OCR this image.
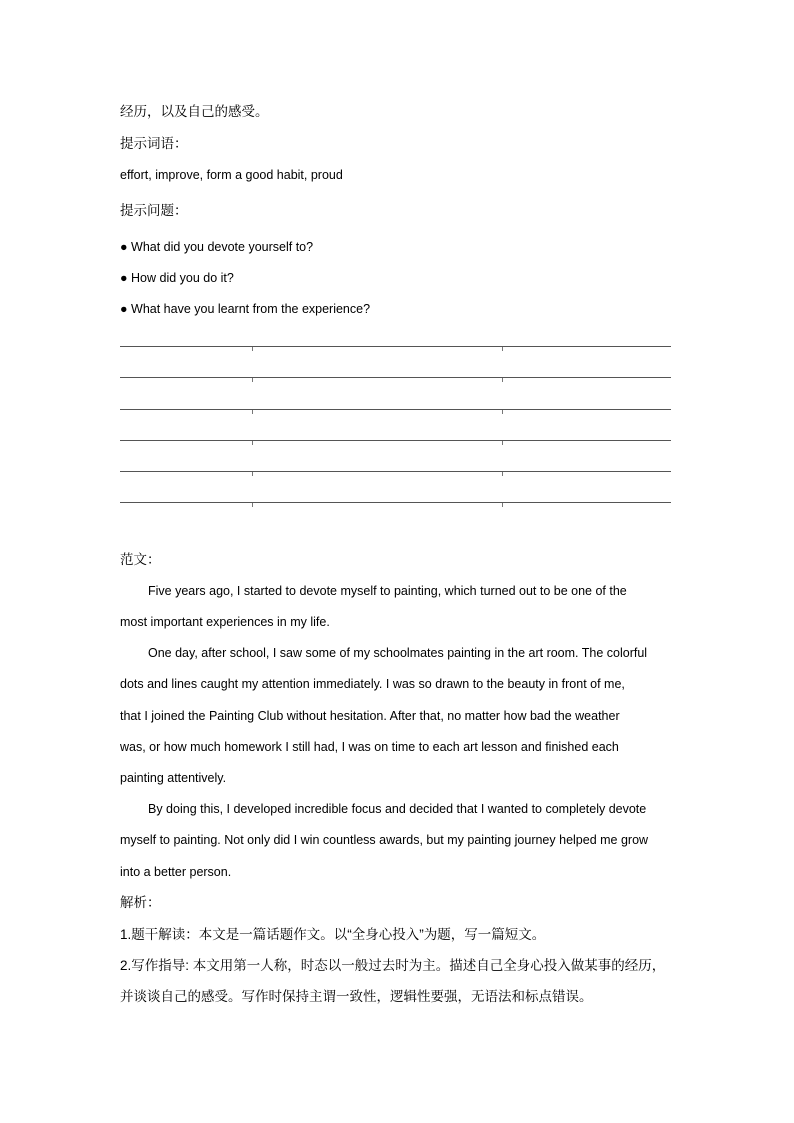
经历，以及自己的感受。
提示词语：
effort, improve, form a good habit, proud
提示问题：
● What did you devote yourself to?
● How did you do it?
● What have you learnt from the experience?
范文：
Five years ago, I started to devote myself to painting, which turned out to be one of the
most important experiences in my life.
One day, after school, I saw some of my schoolmates painting in the art room. The colorful
dots and lines caught my attention immediately. I was so drawn to the beauty in front of me,
that I joined the Painting Club without hesitation. After that, no matter how bad the weather
was, or how much homework I still had, I was on time to each art lesson and finished each
painting attentively.
By doing this, I developed incredible focus and decided that I wanted to completely devote
myself to painting. Not only did I win countless awards, but my painting journey helped me grow
into a better person.
解析：
1.题干解读：本文是一篇话题作文。以“全身心投入”为题，写一篇短文。
2.写作指导: 本文用第一人称，时态以一般过去时为主。描述自己全身心投入做某事的经历，
并谈谈自己的感受。写作时保持主谓一致性，逻辑性要强，无语法和标点错误。
